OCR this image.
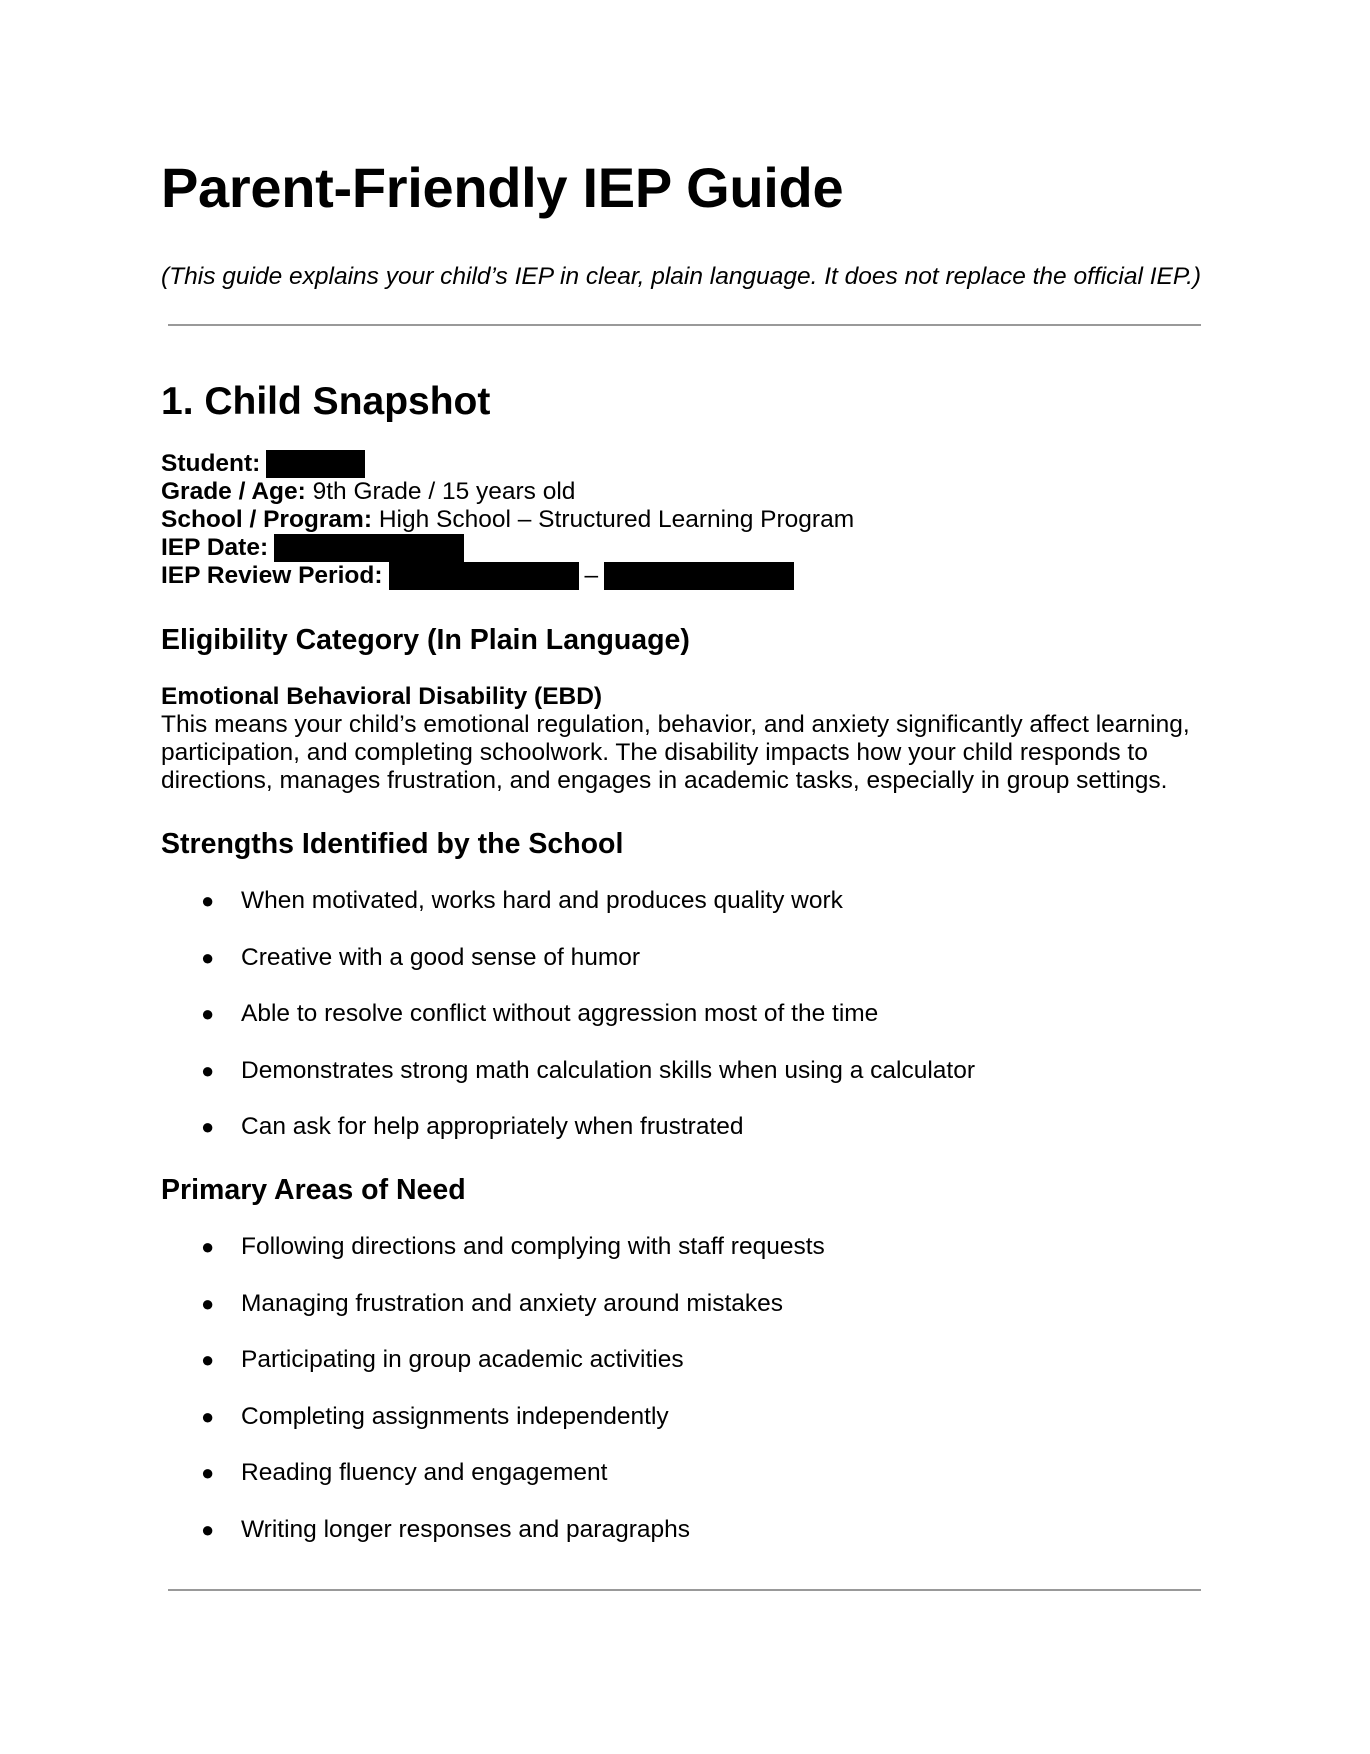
Parent-Friendly IEP Guide

(This guide explains your child’s IEP in clear, plain language. It does not replace the official IEP.)

1. Child Snapshot
Student:
Grade / Age: 9th Grade / 15 years old
School / Program: High School – Structured Learning Program
IEP Date:
IEP Review Period:	–
Eligibility Category (In Plain Language)
Emotional Behavioral Disability (EBD)

This means your child’s emotional regulation, behavior, and anxiety significantly affect learning, participation, and completing schoolwork. The disability impacts how your child responds to directions, manages frustration, and engages in academic tasks, especially in group settings.

Strengths Identified by the School
● When motivated, works hard and produces quality work
● Creative with a good sense of humor
● Able to resolve conflict without aggression most of the time
● Demonstrates strong math calculation skills when using a calculator
● Can ask for help appropriately when frustrated
Primary Areas of Need
● Following directions and complying with staff requests
● Managing frustration and anxiety around mistakes
● Participating in group academic activities
● Completing assignments independently
● Reading fluency and engagement
● Writing longer responses and paragraphs
